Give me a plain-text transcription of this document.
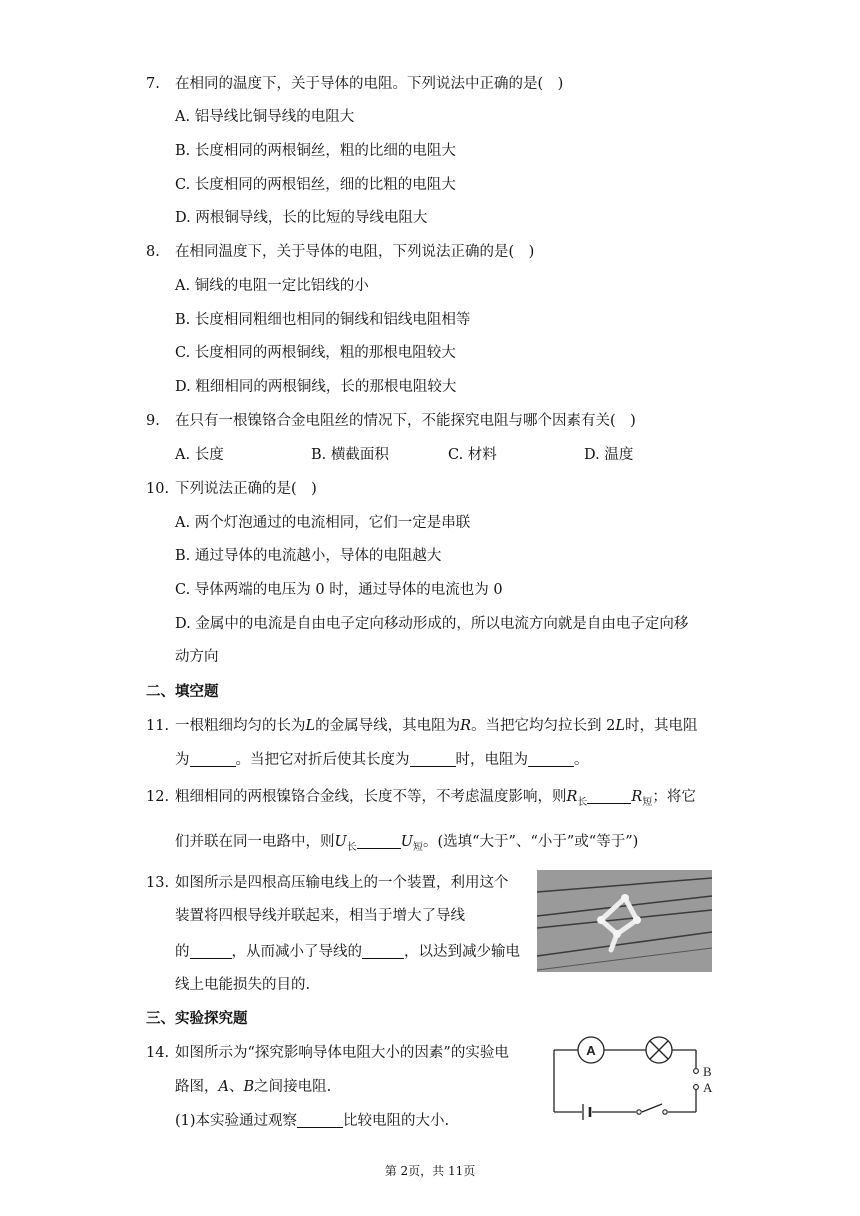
7. 在相同的温度下，关于导体的电阻。下列说法中正确的是(　)
A. 铝导线比铜导线的电阻大
B. 长度相同的两根铜丝，粗的比细的电阻大
C. 长度相同的两根铝丝，细的比粗的电阻大
D. 两根铜导线，长的比短的导线电阻大
8. 在相同温度下，关于导体的电阻，下列说法正确的是(　)
A. 铜线的电阻一定比铝线的小
B. 长度相同粗细也相同的铜线和铝线电阻相等
C. 长度相同的两根铜线，粗的那根电阻较大
D. 粗细相同的两根铜线，长的那根电阻较大
9. 在只有一根镍铬合金电阻丝的情况下，不能探究电阻与哪个因素有关(　)
A. 长度	B. 横截面积	C. 材料	D. 温度
10. 下列说法正确的是(　)
A. 两个灯泡通过的电流相同，它们一定是串联
B. 通过导体的电流越小，导体的电阻越大
C. 导体两端的电压为 0 时，通过导体的电流也为 0
D. 金属中的电流是自由电子定向移动形成的，所以电流方向就是自由电子定向移
动方向
二、填空题
11. 一根粗细均匀的长为L的金属导线，其电阻为R。当把它均匀拉长到 2L时，其电阻
为	。当把它对折后使其长度为	时，电阻为	。
12. 粗细相同的两根镍铬合金线，长度不等，不考虑温度影响，则$R_长$	$R_短$；将它
们并联在同一电路中，则$U_长$	$U_短$。(选填“大于”、“小于”或“等于”)
13. 如图所示是四根高压输电线上的一个装置，利用这个
装置将四根导线并联起来，相当于增大了导线
的	，从而减小了导线的	，以达到减少输电
线上电能损失的目的.
三、实验探究题
14. 如图所示为“探究影响导体电阻大小的因素”的实验电
路图，A、B之间接电阻.
(1)本实验通过观察	比较电阻的大小.
A
B
A
第 2页，共 11页
